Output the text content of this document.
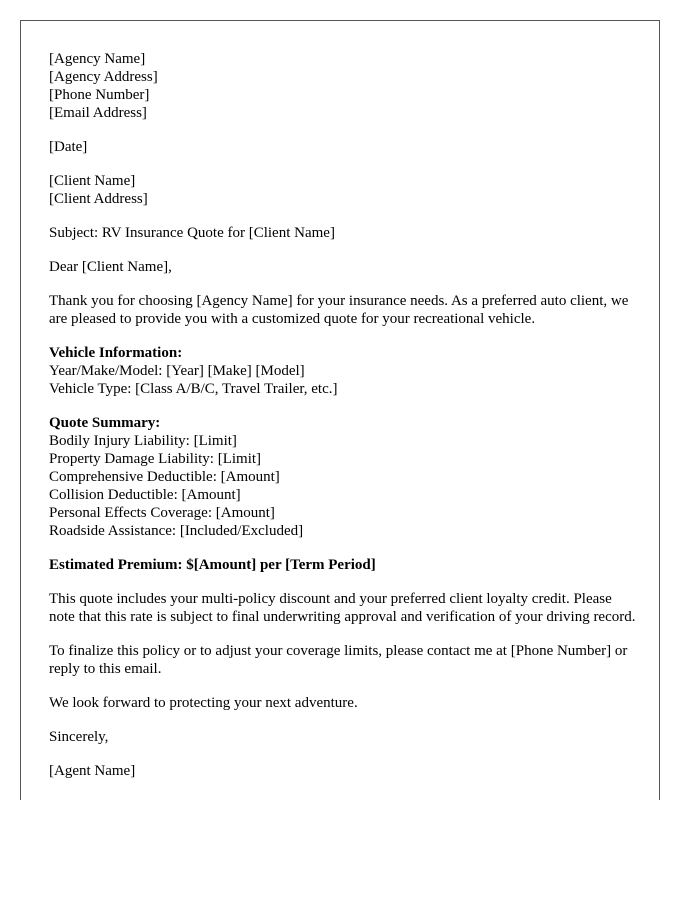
[Agency Name]
[Agency Address]
[Phone Number]
[Email Address]
[Date]
[Client Name]
[Client Address]
Subject: RV Insurance Quote for [Client Name]
Dear [Client Name],
Thank you for choosing [Agency Name] for your insurance needs. As a preferred auto client, we are pleased to provide you with a customized quote for your recreational vehicle.
Vehicle Information:
Year/Make/Model: [Year] [Make] [Model]
Vehicle Type: [Class A/B/C, Travel Trailer, etc.]
Quote Summary:
Bodily Injury Liability: [Limit]
Property Damage Liability: [Limit]
Comprehensive Deductible: [Amount]
Collision Deductible: [Amount]
Personal Effects Coverage: [Amount]
Roadside Assistance: [Included/Excluded]
Estimated Premium: $[Amount] per [Term Period]
This quote includes your multi-policy discount and your preferred client loyalty credit. Please note that this rate is subject to final underwriting approval and verification of your driving record.
To finalize this policy or to adjust your coverage limits, please contact me at [Phone Number] or reply to this email.
We look forward to protecting your next adventure.
Sincerely,
[Agent Name]
